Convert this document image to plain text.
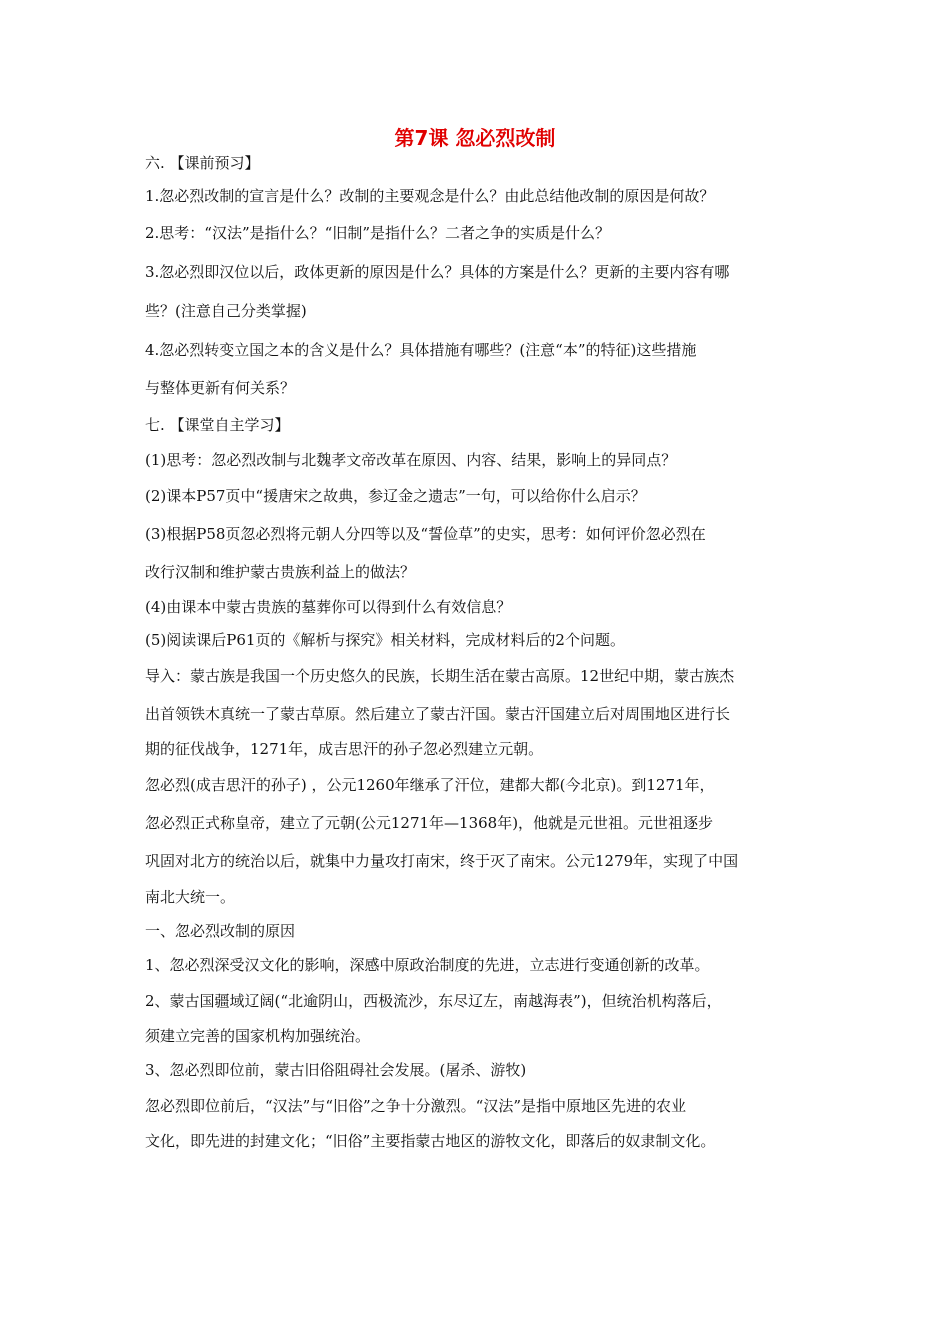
第7课 忽必烈改制
六. 【课前预习】
1.忽必烈改制的宣言是什么？改制的主要观念是什么？由此总结他改制的原因是何故？
2.思考：“汉法”是指什么？“旧制”是指什么？二者之争的实质是什么？
3.忽必烈即汉位以后，政体更新的原因是什么？具体的方案是什么？更新的主要内容有哪
些？(注意自己分类掌握)
4.忽必烈转变立国之本的含义是什么？具体措施有哪些？(注意“本”的特征)这些措施
与整体更新有何关系？
七. 【课堂自主学习】
(1)思考：忽必烈改制与北魏孝文帝改革在原因、内容、结果，影响上的异同点？
(2)课本P57页中“援唐宋之故典，参辽金之遗志”一句，可以给你什么启示？
(3)根据P58页忽必烈将元朝人分四等以及“誓俭草”的史实，思考：如何评价忽必烈在
改行汉制和维护蒙古贵族利益上的做法？
(4)由课本中蒙古贵族的墓葬你可以得到什么有效信息？
(5)阅读课后P61页的《解析与探究》相关材料，完成材料后的2个问题。
导入：蒙古族是我国一个历史悠久的民族，长期生活在蒙古高原。12世纪中期，蒙古族杰
出首领铁木真统一了蒙古草原。然后建立了蒙古汗国。蒙古汗国建立后对周围地区进行长
期的征伐战争，1271年，成吉思汗的孙子忽必烈建立元朝。
忽必烈(成吉思汗的孙子) ，公元1260年继承了汗位，建都大都(今北京)。到1271年，
忽必烈正式称皇帝，建立了元朝(公元1271年—1368年)，他就是元世祖。元世祖逐步
巩固对北方的统治以后，就集中力量攻打南宋，终于灭了南宋。公元1279年，实现了中国
南北大统一。
一、忽必烈改制的原因
1、忽必烈深受汉文化的影响，深感中原政治制度的先进，立志进行变通创新的改革。
2、蒙古国疆域辽阔(“北逾阴山，西极流沙，东尽辽左，南越海表”)，但统治机构落后，
须建立完善的国家机构加强统治。
3、忽必烈即位前，蒙古旧俗阻碍社会发展。(屠杀、游牧)
忽必烈即位前后，“汉法”与“旧俗”之争十分激烈。“汉法”是指中原地区先进的农业
文化，即先进的封建文化；“旧俗”主要指蒙古地区的游牧文化，即落后的奴隶制文化。
